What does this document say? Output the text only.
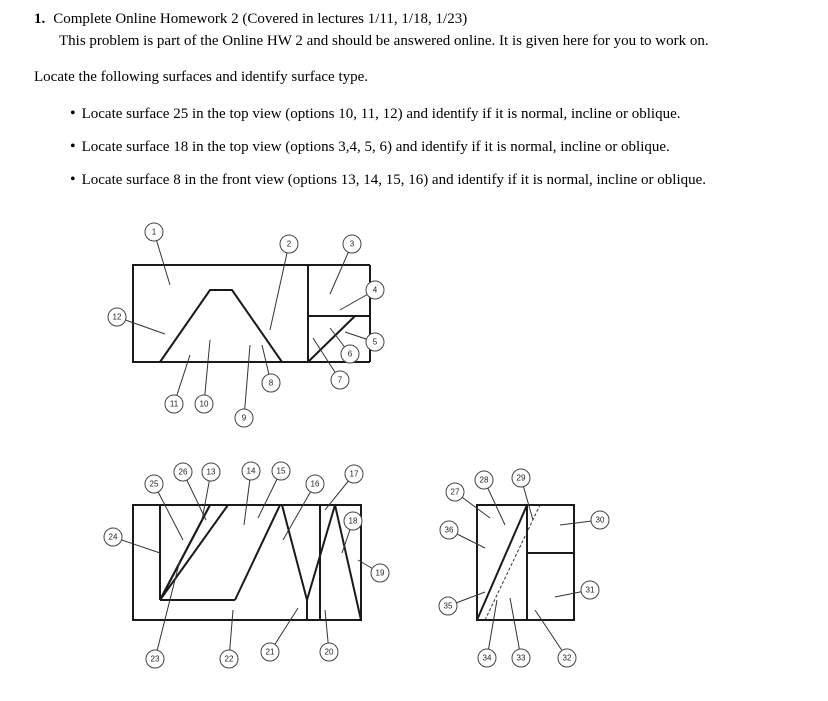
1. Complete Online Homework 2 (Covered in lectures 1/11, 1/18, 1/23)
This problem is part of the Online HW 2 and should be answered online. It is given here for you to work on.
Locate the following surfaces and identify surface type.
• Locate surface 25 in the top view (options 10, 11, 12) and identify if it is normal, incline or oblique.
• Locate surface 18 in the top view (options 3,4, 5, 6) and identify if it is normal, incline or oblique.
• Locate surface 8 in the front view (options 13, 14, 15, 16) and identify if it is normal, incline or oblique.
1
2	3
4
5
6
7
8
9
10
11
12
13	14	15
16
17
18
19
20
21
22
23
24
25
26
27
28	29
30
31
32
33
34
35
36
